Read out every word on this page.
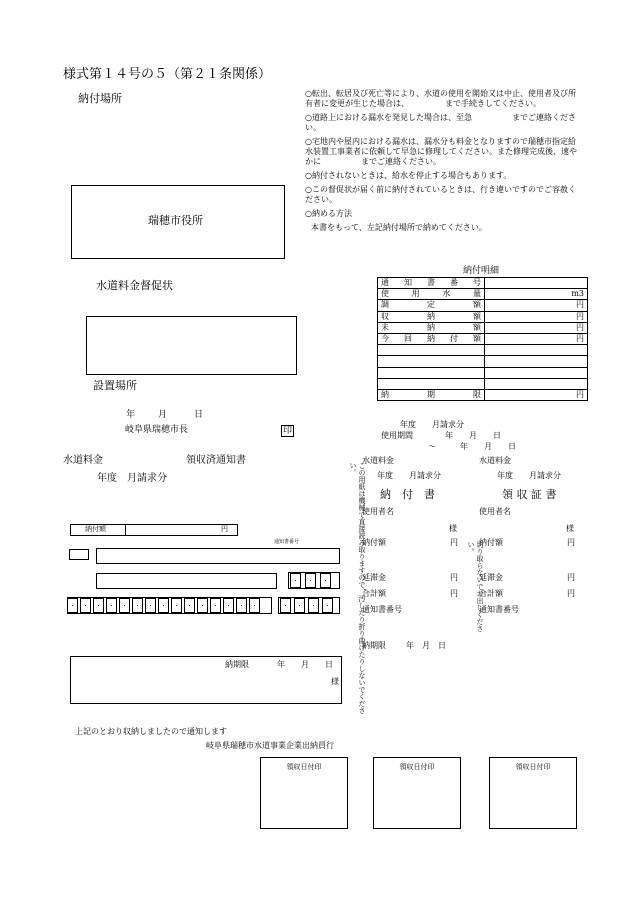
様式第１４号の５（第２１条関係）
納付場所
瑞穂市役所

○転出、転居及び死亡等により、水道の使用を開始又は中止、使用者及び所有者に変更が生じた場合は、　　　　　まで手続きしてください。

○道路上における漏水を発見した場合は、至急　　　　　までご連絡ください。

○宅地内や屋内における漏水は、漏水分も料金となりますので瑞穂市指定給水装置工事業者に依頼して早急に修理してください。また修理完成後、速やかに　　　　　までご連絡ください。

○納付されないときは、給水を停止する場合もあります。

○この督促状が届く前に納付されているときは、行き違いですのでご容赦ください。

○納める方法

本書をもって、左記納付場所で納めてください。

納付明細
通知書番号	
使用水量	m3
調定額	円
収納額	円
未納額	円
今回納付額	円

納期限	円
年度　　月請求分
使用期間	年　　月　　日
〜　　　年　　月　　日
水道料金督促状
設置場所
年	月	日
岐阜県瑞穂市長	印
水道料金	領収済通知書
年度　月請求分
納付額	円
通知書番号
·	·	·
·	·	·	·	·	·	·	·	·	·	·	·	·	·	·	·	·	·	·
納期限	年　　月　　日
様	この用紙は機械で直接読み取りますので、汚したり折り曲げたりしないでください。
切り取らないでお出しください。
水道料金
年度　　月請求分
納　付　書
使用者名
様
納付額	円
延滞金	円
合計額	円
通知書番号
納期限	年　月　日
水道料金
年度　　月請求分
領 収 証 書
使用者名
様
納付額	円
延滞金	円
合計額	円
通知書番号
上記のとおり収納しましたので通知します
岐阜県瑞穂市水道事業企業出納員行
領収日付印	領収日付印	領収日付印
